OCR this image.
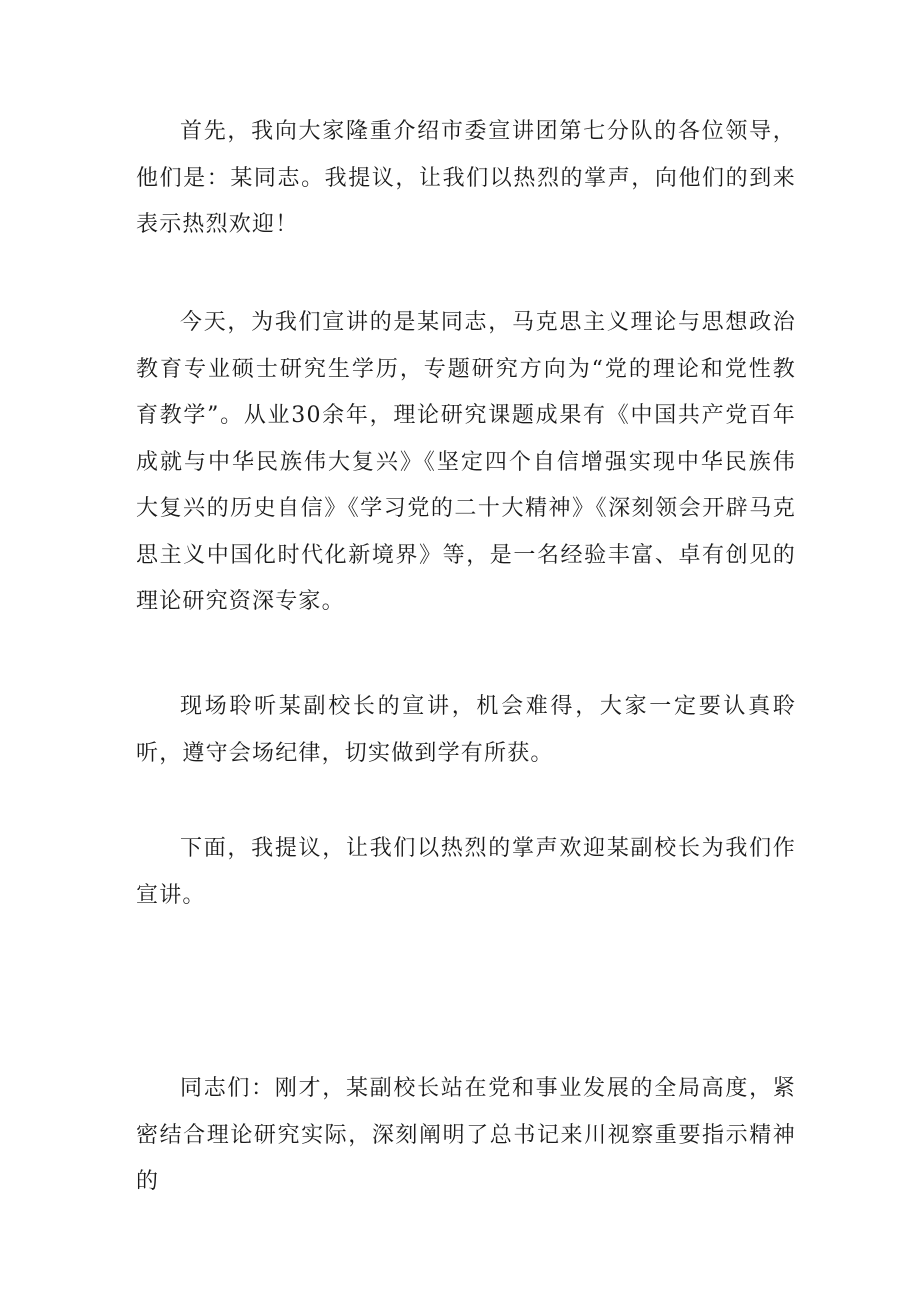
首先，我向大家隆重介绍市委宣讲团第七分队的各位领导，他们是：某同志。我提议，让我们以热烈的掌声，向他们的到来表示热烈欢迎！

今天，为我们宣讲的是某同志，马克思主义理论与思想政治教育专业硕士研究生学历，专题研究方向为“党的理论和党性教育教学”。从业30余年，理论研究课题成果有《中国共产党百年成就与中华民族伟大复兴》《坚定四个自信增强实现中华民族伟大复兴的历史自信》《学习党的二十大精神》《深刻领会开辟马克思主义中国化时代化新境界》等，是一名经验丰富、卓有创见的理论研究资深专家。

现场聆听某副校长的宣讲，机会难得，大家一定要认真聆听，遵守会场纪律，切实做到学有所获。

下面，我提议，让我们以热烈的掌声欢迎某副校长为我们作宣讲。

同志们：刚才，某副校长站在党和事业发展的全局高度，紧密结合理论研究实际，深刻阐明了总书记来川视察重要指示精神的
